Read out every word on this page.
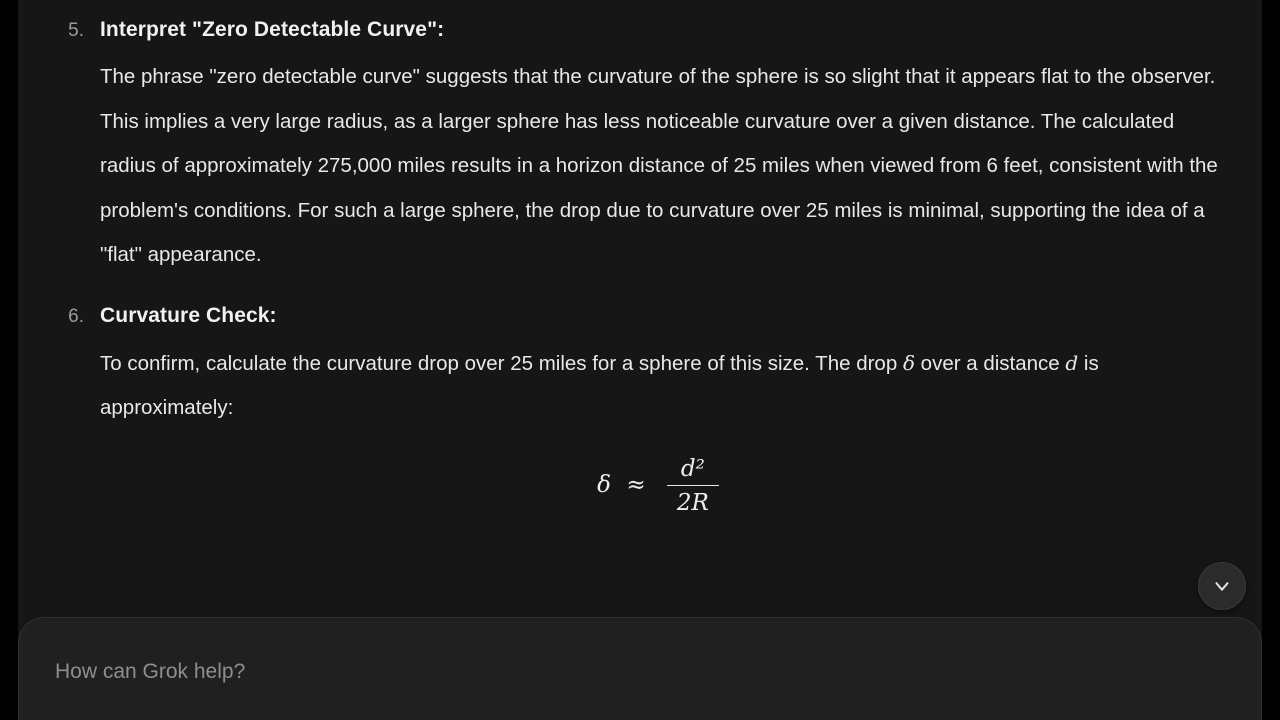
5. Interpret "Zero Detectable Curve":
The phrase "zero detectable curve" suggests that the curvature of the sphere is so slight that it appears flat to the observer. This implies a very large radius, as a larger sphere has less noticeable curvature over a given distance. The calculated radius of approximately 275,000 miles results in a horizon distance of 25 miles when viewed from 6 feet, consistent with the problem's conditions. For such a large sphere, the drop due to curvature over 25 miles is minimal, supporting the idea of a "flat" appearance.
6. Curvature Check:
To confirm, calculate the curvature drop over 25 miles for a sphere of this size. The drop δ over a distance d is approximately:
$\delta \approx \frac{\text{d²}}{2R}$
How can Grok help?
